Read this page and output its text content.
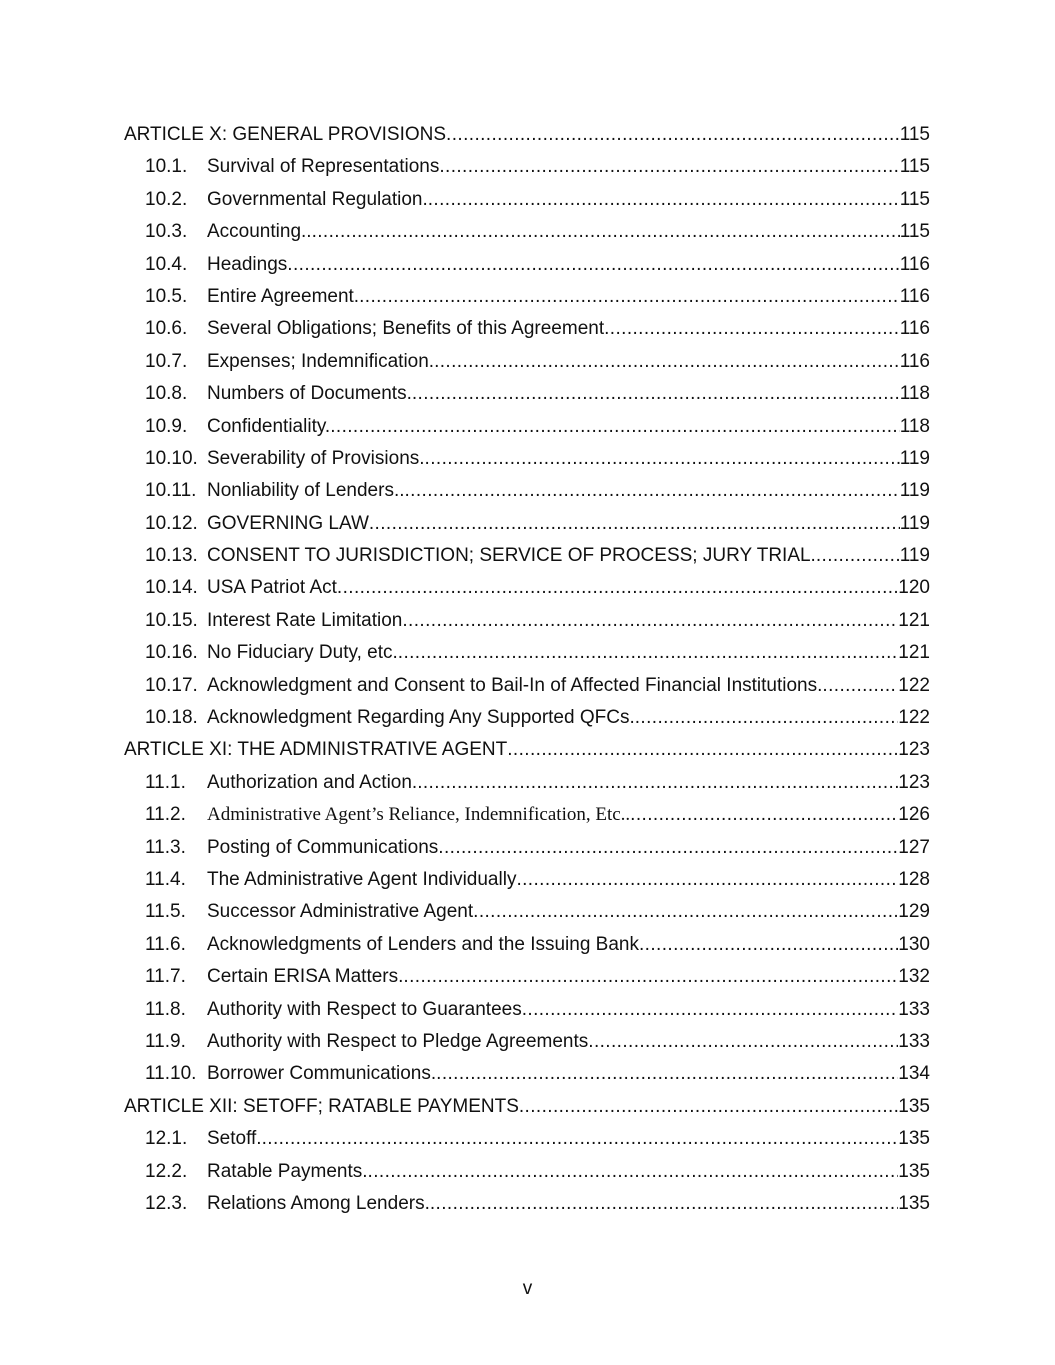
ARTICLE X: GENERAL PROVISIONS .....	115
10.1.	Survival of Representations .....	115
10.2.	Governmental Regulation. .....	115
10.3.	Accounting.. .....	115
10.4.	Headings .....	116
10.5.	Entire Agreement. .....	116
10.6.	Several Obligations; Benefits of this Agreement .....	116
10.7.	Expenses; Indemnification. .....	116
10.8.	Numbers of Documents. .....	118
10.9.	Confidentiality. .....	118
10.10. Severability of Provisions. .....	119
10.11. Nonliability of Lenders.. .....	119
10.12. GOVERNING LAW .....	119
10.13. CONSENT TO JURISDICTION; SERVICE OF PROCESS; JURY TRIAL. .....	119
10.14. USA Patriot Act .....	120
10.15. Interest Rate Limitation .....	121
10.16. No Fiduciary Duty, etc. .....	121
10.17. Acknowledgment and Consent to Bail-In of Affected Financial Institutions. .....	122
10.18. Acknowledgment Regarding Any Supported QFCs. .....	122
ARTICLE XI: THE ADMINISTRATIVE AGENT .....	123
11.1.	Authorization and Action. .....	123
11.2.	Administrative Agent’s Reliance, Indemnification, Etc.. .....	126
11.3.	Posting of Communications .....	127
11.4.	The Administrative Agent Individually .....	128
11.5.	Successor Administrative Agent .....	129
11.6.	Acknowledgments of Lenders and the Issuing Bank .....	130
11.7.	Certain ERISA Matters. .....	132
11.8.	Authority with Respect to Guarantees .....	133
11.9.	Authority with Respect to Pledge Agreements .....	133
11.10. Borrower Communications. .....	134
ARTICLE XII: SETOFF; RATABLE PAYMENTS .....	135
12.1.	Setoff. .....	135
12.2.	Ratable Payments. .....	135
12.3.	Relations Among Lenders. .....	135
v
